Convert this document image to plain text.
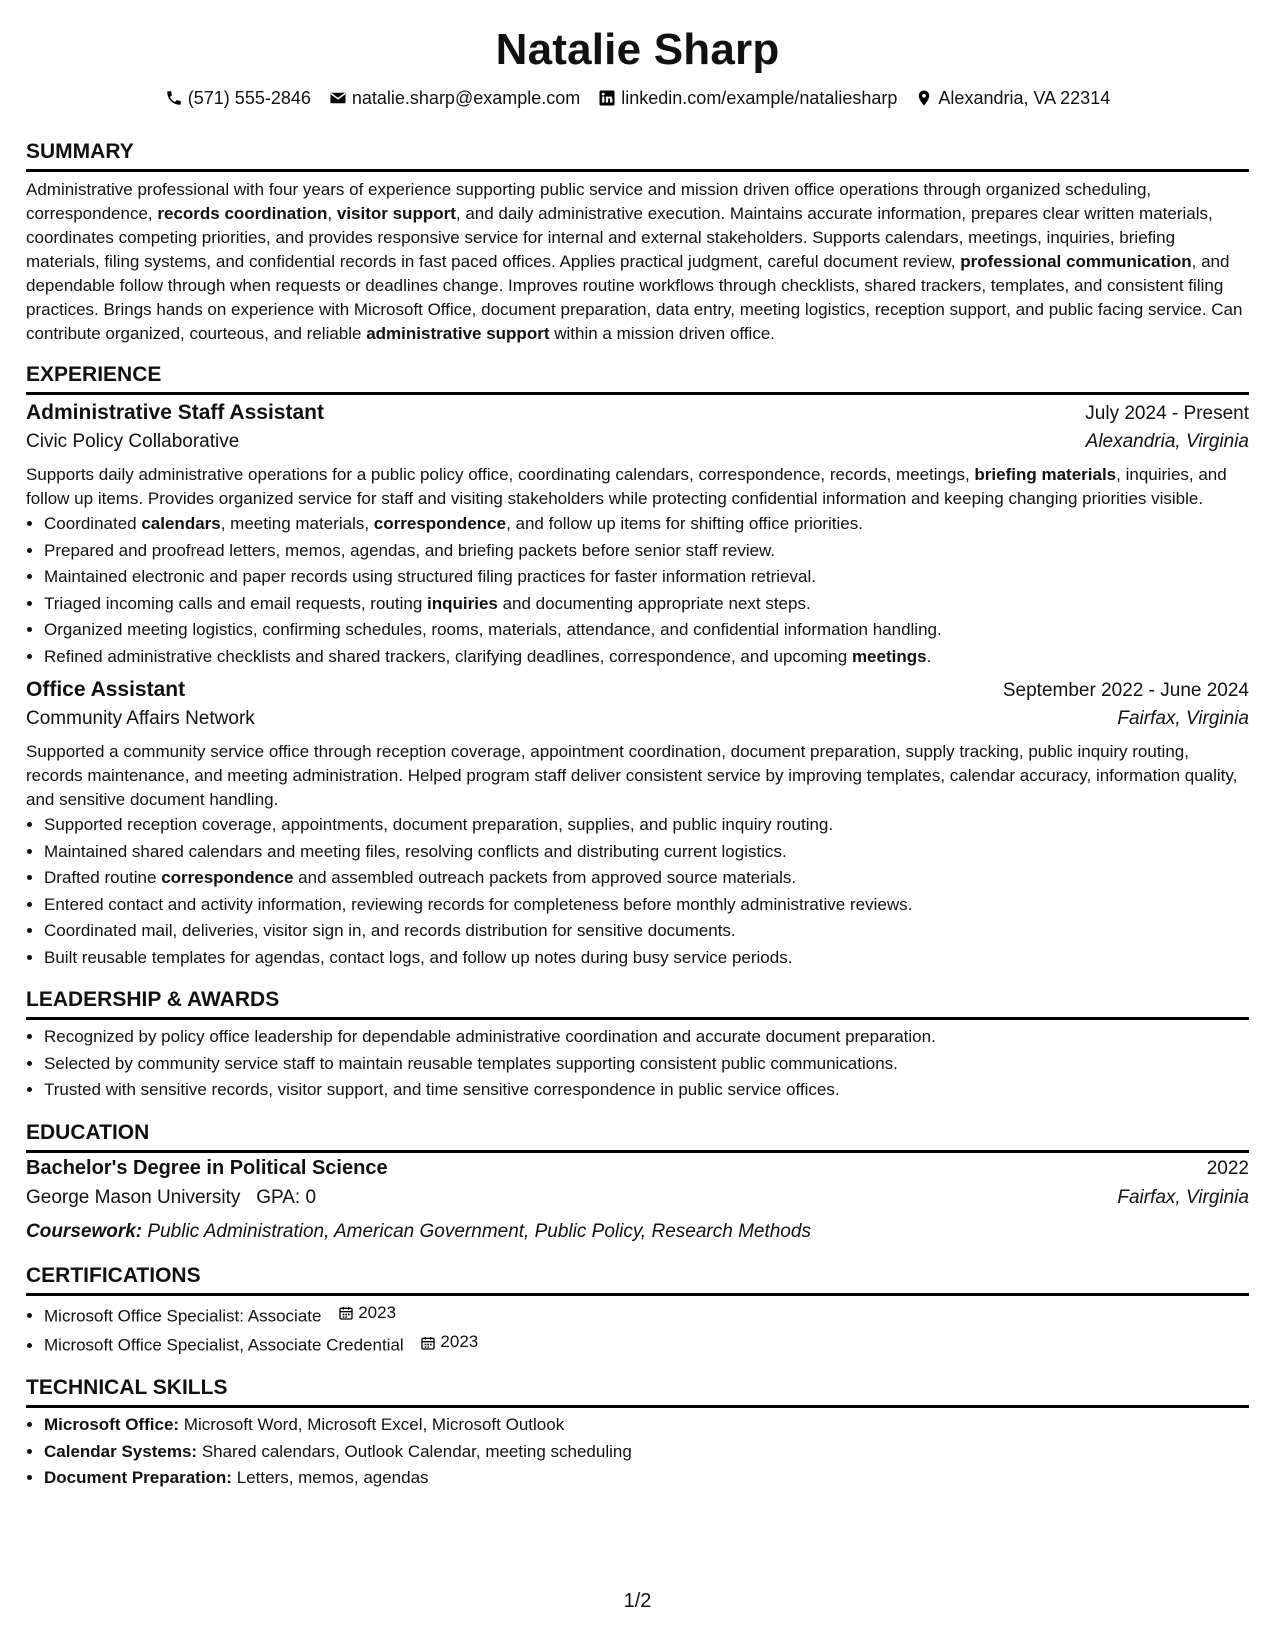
Natalie Sharp
(571) 555-2846 natalie.sharp@example.com linkedin.com/example/nataliesharp Alexandria, VA 22314
SUMMARY

Administrative professional with four years of experience supporting public service and mission driven office operations through organized scheduling, correspondence, records coordination, visitor support, and daily administrative execution. Maintains accurate information, prepares clear written materials, coordinates competing priorities, and provides responsive service for internal and external stakeholders. Supports calendars, meetings, inquiries, briefing materials, filing systems, and confidential records in fast paced offices. Applies practical judgment, careful document review, professional communication, and dependable follow through when requests or deadlines change. Improves routine workflows through checklists, shared trackers, templates, and consistent filing practices. Brings hands on experience with Microsoft Office, document preparation, data entry, meeting logistics, reception support, and public facing service. Can contribute organized, courteous, and reliable administrative support within a mission driven office.

EXPERIENCE
Administrative Staff Assistant	July 2024 - Present
Civic Policy Collaborative	Alexandria, Virginia

Supports daily administrative operations for a public policy office, coordinating calendars, correspondence, records, meetings, briefing materials, inquiries, and follow up items. Provides organized service for staff and visiting stakeholders while protecting confidential information and keeping changing priorities visible.

• Coordinated calendars, meeting materials, correspondence, and follow up items for shifting office priorities.
• Prepared and proofread letters, memos, agendas, and briefing packets before senior staff review.
• Maintained electronic and paper records using structured filing practices for faster information retrieval.
• Triaged incoming calls and email requests, routing inquiries and documenting appropriate next steps.
• Organized meeting logistics, confirming schedules, rooms, materials, attendance, and confidential information handling.
• Refined administrative checklists and shared trackers, clarifying deadlines, correspondence, and upcoming meetings.
Office Assistant	September 2022 - June 2024
Community Affairs Network	Fairfax, Virginia

Supported a community service office through reception coverage, appointment coordination, document preparation, supply tracking, public inquiry routing, records maintenance, and meeting administration. Helped program staff deliver consistent service by improving templates, calendar accuracy, information quality, and sensitive document handling.

• Supported reception coverage, appointments, document preparation, supplies, and public inquiry routing.
• Maintained shared calendars and meeting files, resolving conflicts and distributing current logistics.
• Drafted routine correspondence and assembled outreach packets from approved source materials.
• Entered contact and activity information, reviewing records for completeness before monthly administrative reviews.
• Coordinated mail, deliveries, visitor sign in, and records distribution for sensitive documents.
• Built reusable templates for agendas, contact logs, and follow up notes during busy service periods.
LEADERSHIP & AWARDS
• Recognized by policy office leadership for dependable administrative coordination and accurate document preparation.
• Selected by community service staff to maintain reusable templates supporting consistent public communications.
• Trusted with sensitive records, visitor support, and time sensitive correspondence in public service offices.
EDUCATION
Bachelor's Degree in Political Science	2022
George Mason University GPA: 0	Fairfax, Virginia
Coursework: Public Administration, American Government, Public Policy, Research Methods
CERTIFICATIONS
• Microsoft Office Specialist: Associate 2023
• Microsoft Office Specialist, Associate Credential 2023
TECHNICAL SKILLS
• Microsoft Office: Microsoft Word, Microsoft Excel, Microsoft Outlook
• Calendar Systems: Shared calendars, Outlook Calendar, meeting scheduling
• Document Preparation: Letters, memos, agendas
1/2
